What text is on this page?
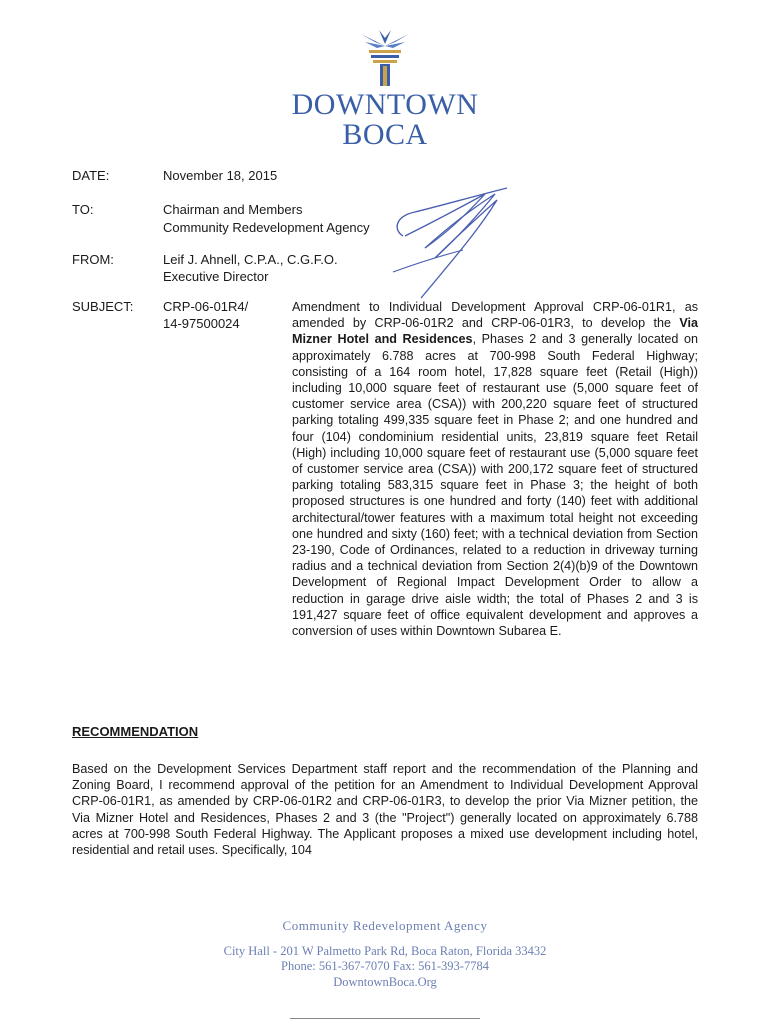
DOWNTOWN
BOCA
DATE:	November 18, 2015
TO:	Chairman and Members
Community Redevelopment Agency
FROM:	Leif J. Ahnell, C.P.A., C.G.F.O.
Executive Director
SUBJECT:	CRP-06-01R4/
14-97500024
Amendment to Individual Development Approval CRP-06-01R1, as amended by CRP-06-01R2 and CRP-06-01R3, to develop the Via Mizner Hotel and Residences, Phases 2 and 3 generally located on approximately 6.788 acres at 700-998 South Federal Highway; consisting of a 164 room hotel, 17,828 square feet (Retail (High)) including 10,000 square feet of restaurant use (5,000 square feet of customer service area (CSA)) with 200,220 square feet of structured parking totaling 499,335 square feet in Phase 2; and one hundred and four (104) condominium residential units, 23,819 square feet Retail (High) including 10,000 square feet of restaurant use (5,000 square feet of customer service area (CSA)) with 200,172 square feet of structured parking totaling 583,315 square feet in Phase 3; the height of both proposed structures is one hundred and forty (140) feet with additional architectural/tower features with a maximum total height not exceeding one hundred and sixty (160) feet; with a technical deviation from Section 23-190, Code of Ordinances, related to a reduction in driveway turning radius and a technical deviation from Section 2(4)(b)9 of the Downtown Development of Regional Impact Development Order to allow a reduction in garage drive aisle width; the total of Phases 2 and 3 is 191,427 square feet of office equivalent development and approves a conversion of uses within Downtown Subarea E.
RECOMMENDATION
Based on the Development Services Department staff report and the recommendation of the Planning and Zoning Board, I recommend approval of the petition for an Amendment to Individual Development Approval CRP-06-01R1, as amended by CRP-06-01R2 and CRP-06-01R3, to develop the prior Via Mizner petition, the Via Mizner Hotel and Residences, Phases 2 and 3 (the "Project") generally located on approximately 6.788 acres at 700-998 South Federal Highway. The Applicant proposes a mixed use development including hotel, residential and retail uses. Specifically, 104
Community Redevelopment Agency
City Hall - 201 W Palmetto Park Rd, Boca Raton, Florida 33432
Phone: 561-367-7070 Fax: 561-393-7784
DowntownBoca.Org
